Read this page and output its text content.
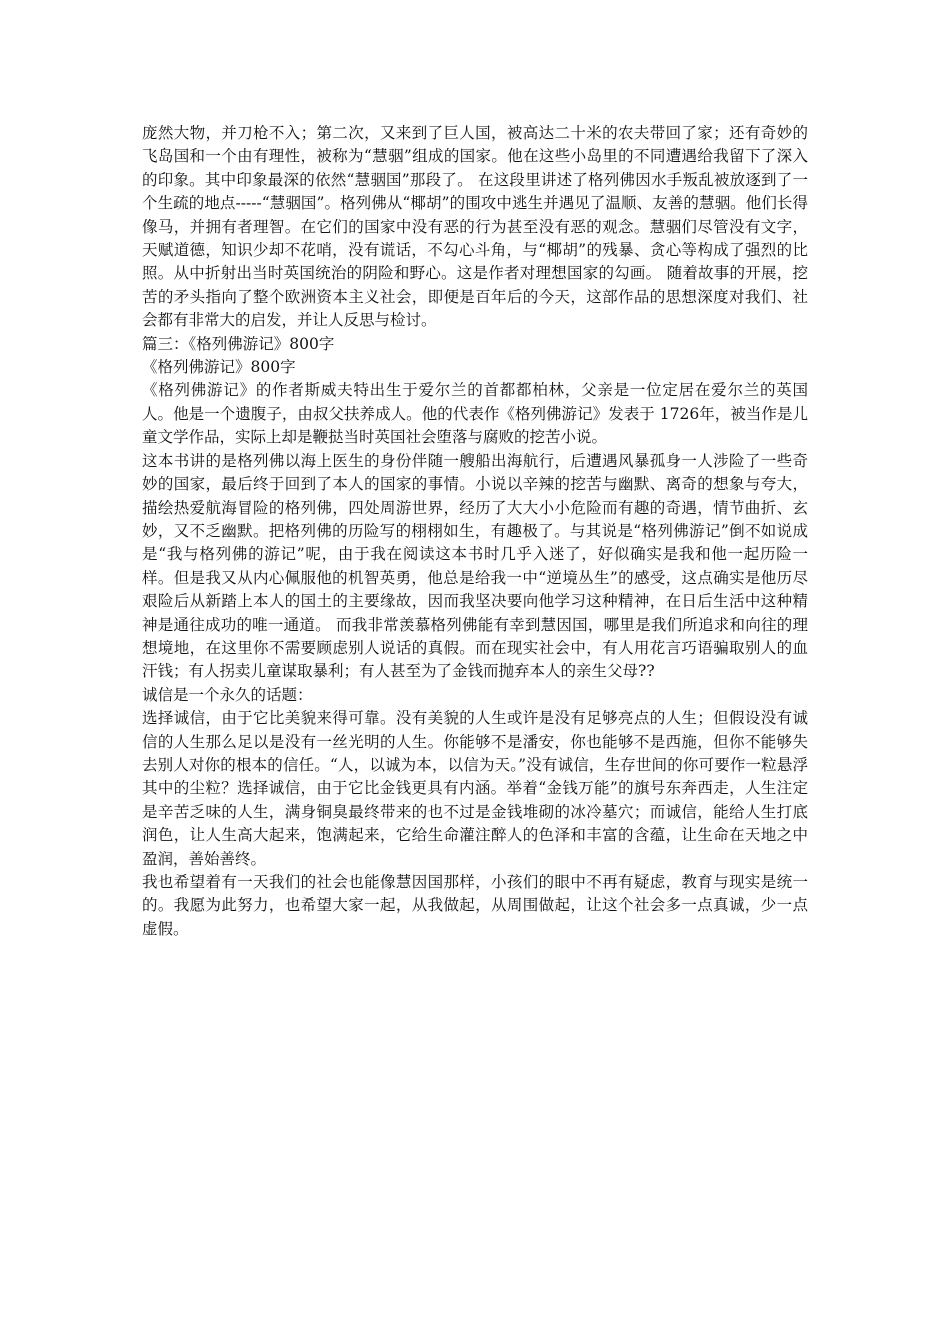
庞然大物，并刀枪不入；第二次，又来到了巨人国，被高达二十米的农夫带回了家；还有奇妙的飞岛国和一个由有理性，被称为“慧骃”组成的国家。他在这些小岛里的不同遭遇给我留下了深入的印象。其中印象最深的依然“慧骃国”那段了。 在这段里讲述了格列佛因水手叛乱被放逐到了一个生疏的地点-----“慧骃国”。格列佛从“椰胡”的围攻中逃生并遇见了温顺、友善的慧骃。他们长得像马，并拥有者理智。在它们的国家中没有恶的行为甚至没有恶的观念。慧骃们尽管没有文字，天赋道德，知识少却不花哨，没有谎话，不勾心斗角，与“椰胡”的残暴、贪心等构成了强烈的比照。从中折射出当时英国统治的阴险和野心。这是作者对理想国家的勾画。 随着故事的开展，挖苦的矛头指向了整个欧洲资本主义社会，即便是百年后的今天，这部作品的思想深度对我们、社会都有非常大的启发，并让人反思与检讨。

篇三：《格列佛游记》800字

《格列佛游记》800字

《格列佛游记》的作者斯威夫特出生于爱尔兰的首都都柏林，父亲是一位定居在爱尔兰的英国人。他是一个遗腹子，由叔父扶养成人。他的代表作《格列佛游记》发表于 1726年，被当作是儿童文学作品，实际上却是鞭挞当时英国社会堕落与腐败的挖苦小说。

这本书讲的是格列佛以海上医生的身份伴随一艘船出海航行，后遭遇风暴孤身一人涉险了一些奇妙的国家，最后终于回到了本人的国家的事情。小说以辛辣的挖苦与幽默、离奇的想象与夸大，描绘热爱航海冒险的格列佛，四处周游世界，经历了大大小小危险而有趣的奇遇，情节曲折、玄妙，又不乏幽默。把格列佛的历险写的栩栩如生，有趣极了。与其说是“格列佛游记”倒不如说成是“我与格列佛的游记”呢，由于我在阅读这本书时几乎入迷了，好似确实是我和他一起历险一样。但是我又从内心佩服他的机智英勇，他总是给我一中“逆境丛生”的感受，这点确实是他历尽艰险后从新踏上本人的国土的主要缘故，因而我坚决要向他学习这种精神，在日后生活中这种精神是通往成功的唯一通道。 而我非常羡慕格列佛能有幸到慧因国，哪里是我们所追求和向往的理想境地，在这里你不需要顾虑别人说话的真假。而在现实社会中，有人用花言巧语骗取别人的血汗钱；有人拐卖儿童谋取暴利；有人甚至为了金钱而抛弃本人的亲生父母??

诚信是一个永久的话题：

选择诚信，由于它比美貌来得可靠。没有美貌的人生或许是没有足够亮点的人生；但假设没有诚信的人生那么足以是没有一丝光明的人生。你能够不是潘安，你也能够不是西施，但你不能够失去别人对你的根本的信任。“人，以诚为本，以信为天。”没有诚信，生存世间的你可要作一粒悬浮其中的尘粒？选择诚信，由于它比金钱更具有内涵。举着“金钱万能”的旗号东奔西走，人生注定是辛苦乏味的人生，满身铜臭最终带来的也不过是金钱堆砌的冰冷墓穴；而诚信，能给人生打底润色，让人生高大起来，饱满起来，它给生命灌注醉人的色泽和丰富的含蕴，让生命在天地之中盈润，善始善终。

我也希望着有一天我们的社会也能像慧因国那样，小孩们的眼中不再有疑虑，教育与现实是统一的。我愿为此努力，也希望大家一起，从我做起，从周围做起，让这个社会多一点真诚，少一点虚假。
